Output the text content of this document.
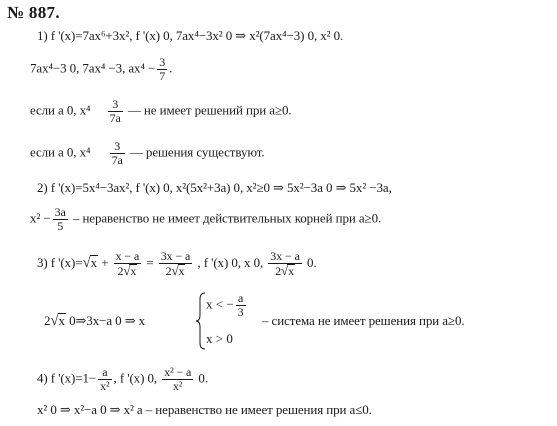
№ 887.
1) f '(x)=7ax⁶+3x², f '(x) 0, 7ax⁴−3x² 0 ⇒ x²(7ax⁴−3) 0, x² 0.
7ax⁴−3 0, 7ax⁴ −3, $ax^4 - \frac{3}{7}$ .
если a 0, $x^4 \frac{3}{7a}$ — не имеет решений при a≥0.
если a 0, $x^4 \frac{3}{7a}$ — решения существуют.
2) f '(x)=5x⁴−3ax², f '(x) 0, x²(5x²+3a) 0, x²≥0 ⇒ 5x²−3a 0 ⇒ 5x² −3a,
$x^2 - \frac{3a}{5}$ – неравенство не имеет действительных корней при a≥0.
3) f '$(x)=√x + \frac{x - a}{2√x} = \frac{3x - a}{2√x}$ , f '(x) 0, x 0, $\frac{3x - a}{2√x} 0$.
2√x 0⇒3x−a 0 ⇒ x
x < − $\frac{a}{3}$
x > 0
– система не имеет решения при a≥0.
4) f '$(x)=1- \frac{a}{\text{x²}}$ , f '(x) 0, $\frac{\text{x² − a}}{\text{x²}} 0$.
x² 0 ⇒ x²−a 0 ⇒ x² a – неравенство не имеет решения при a≤0.
